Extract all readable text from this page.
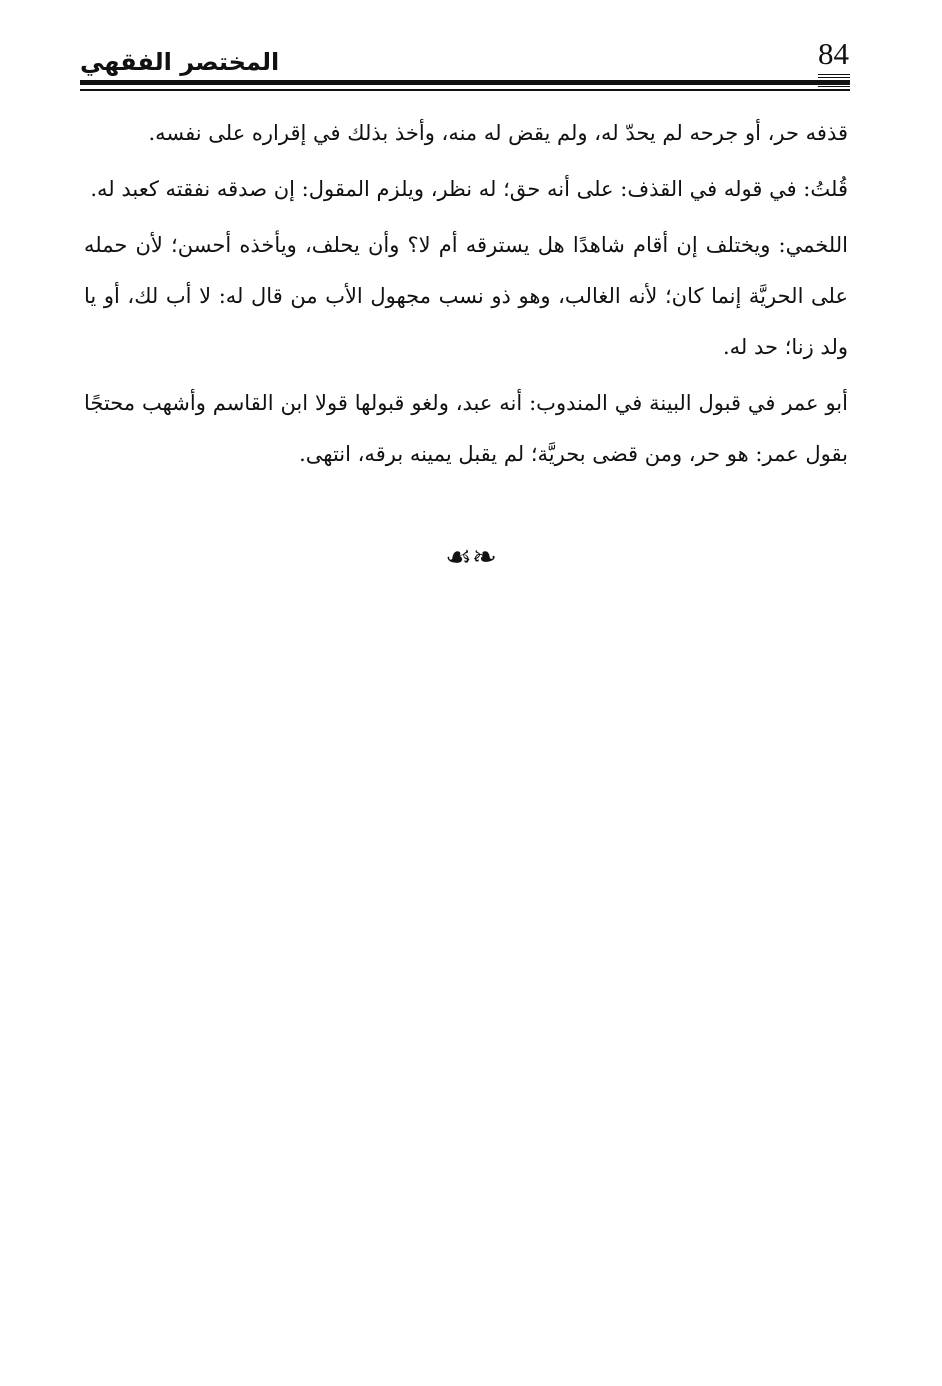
المختصر الفقهي	84

قذفه حر، أو جرحه لم يحدّ له، ولم يقض له منه، وأخذ بذلك في إقراره على نفسه.

قُلتُ: في قوله في القذف: على أنه حق؛ له نظر، ويلزم المقول: إن صدقه نفقته كعبد له.

اللخمي: ويختلف إن أقام شاهدًا هل يسترقه أم لا؟ وأن يحلف، ويأخذه أحسن؛ لأن حمله على الحريَّة إنما كان؛ لأنه الغالب، وهو ذو نسب مجهول الأب من قال له: لا أب لك، أو يا ولد زنا؛ حد له.

أبو عمر في قبول البينة في المندوب: أنه عبد، ولغو قبولها قولا ابن القاسم وأشهب محتجًا بقول عمر: هو حر، ومن قضى بحريَّة؛ لم يقبل يمينه برقه، انتهى.

☙❧
